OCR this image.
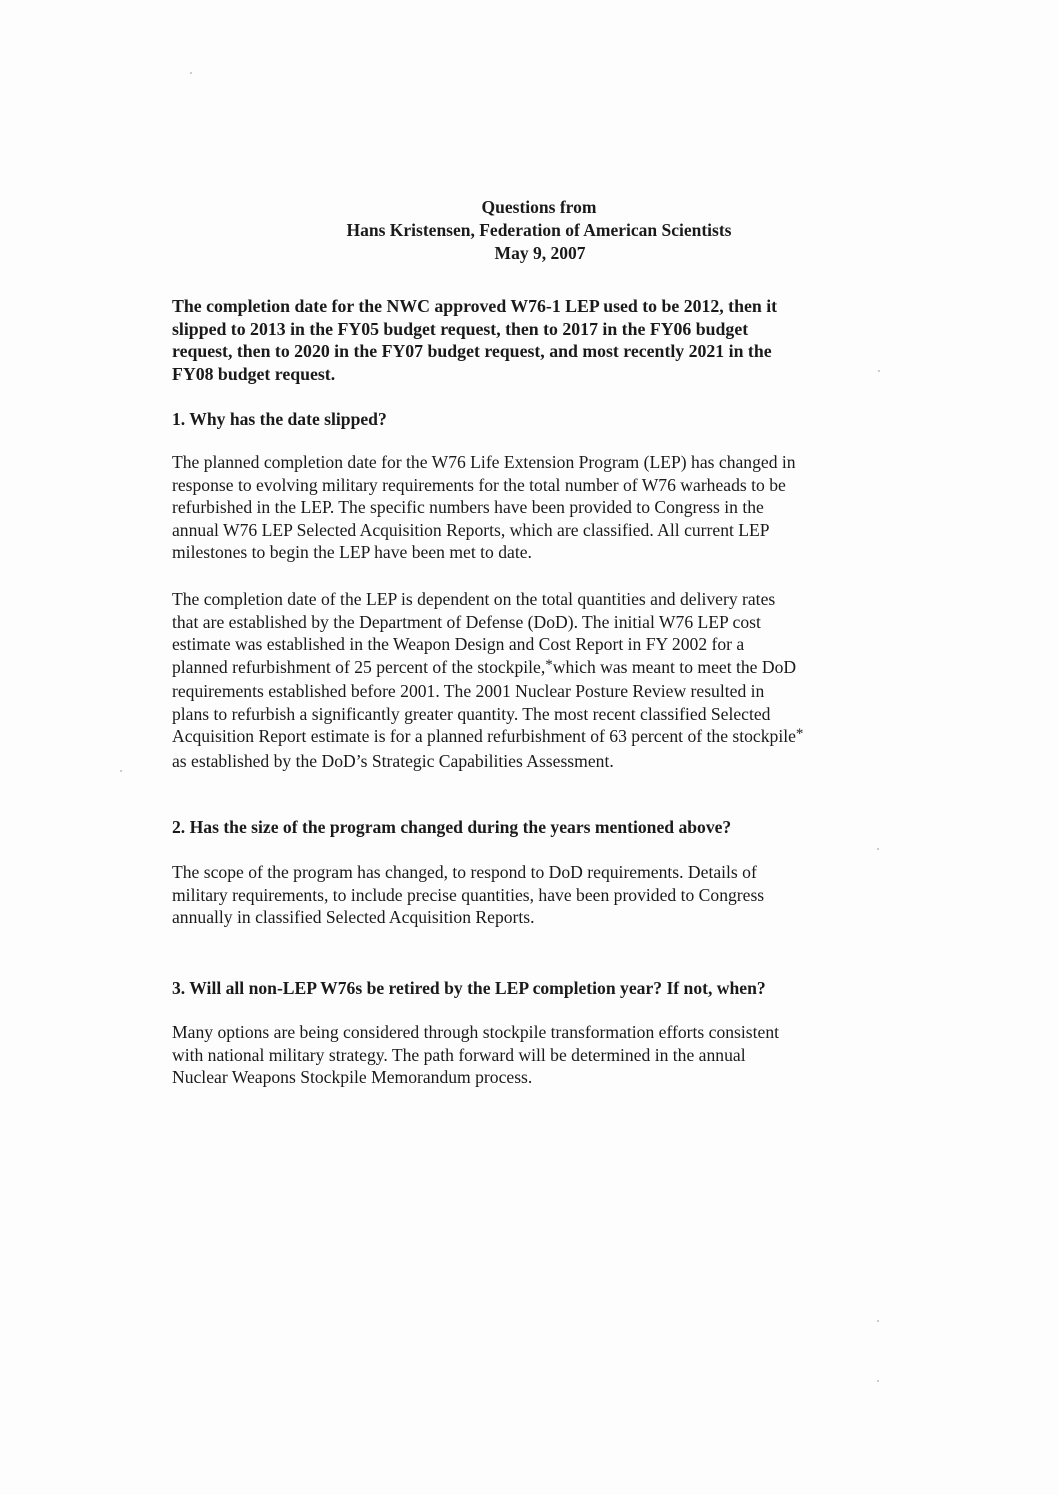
Questions from
Hans Kristensen, Federation of American Scientists
May 9, 2007
The completion date for the NWC approved W76-1 LEP used to be 2012, then it
slipped to 2013 in the FY05 budget request, then to 2017 in the FY06 budget
request, then to 2020 in the FY07 budget request, and most recently 2021 in the
FY08 budget request.
1. Why has the date slipped?
The planned completion date for the W76 Life Extension Program (LEP) has changed in
response to evolving military requirements for the total number of W76 warheads to be
refurbished in the LEP. The specific numbers have been provided to Congress in the
annual W76 LEP Selected Acquisition Reports, which are classified. All current LEP
milestones to begin the LEP have been met to date.
The completion date of the LEP is dependent on the total quantities and delivery rates
that are established by the Department of Defense (DoD). The initial W76 LEP cost
estimate was established in the Weapon Design and Cost Report in FY 2002 for a
planned refurbishment of 25 percent of the stockpile,*which was meant to meet the DoD
requirements established before 2001. The 2001 Nuclear Posture Review resulted in
plans to refurbish a significantly greater quantity. The most recent classified Selected
Acquisition Report estimate is for a planned refurbishment of 63 percent of the stockpile*
as established by the DoD’s Strategic Capabilities Assessment.
2. Has the size of the program changed during the years mentioned above?
The scope of the program has changed, to respond to DoD requirements. Details of
military requirements, to include precise quantities, have been provided to Congress
annually in classified Selected Acquisition Reports.
3. Will all non-LEP W76s be retired by the LEP completion year? If not, when?
Many options are being considered through stockpile transformation efforts consistent
with national military strategy. The path forward will be determined in the annual
Nuclear Weapons Stockpile Memorandum process.
